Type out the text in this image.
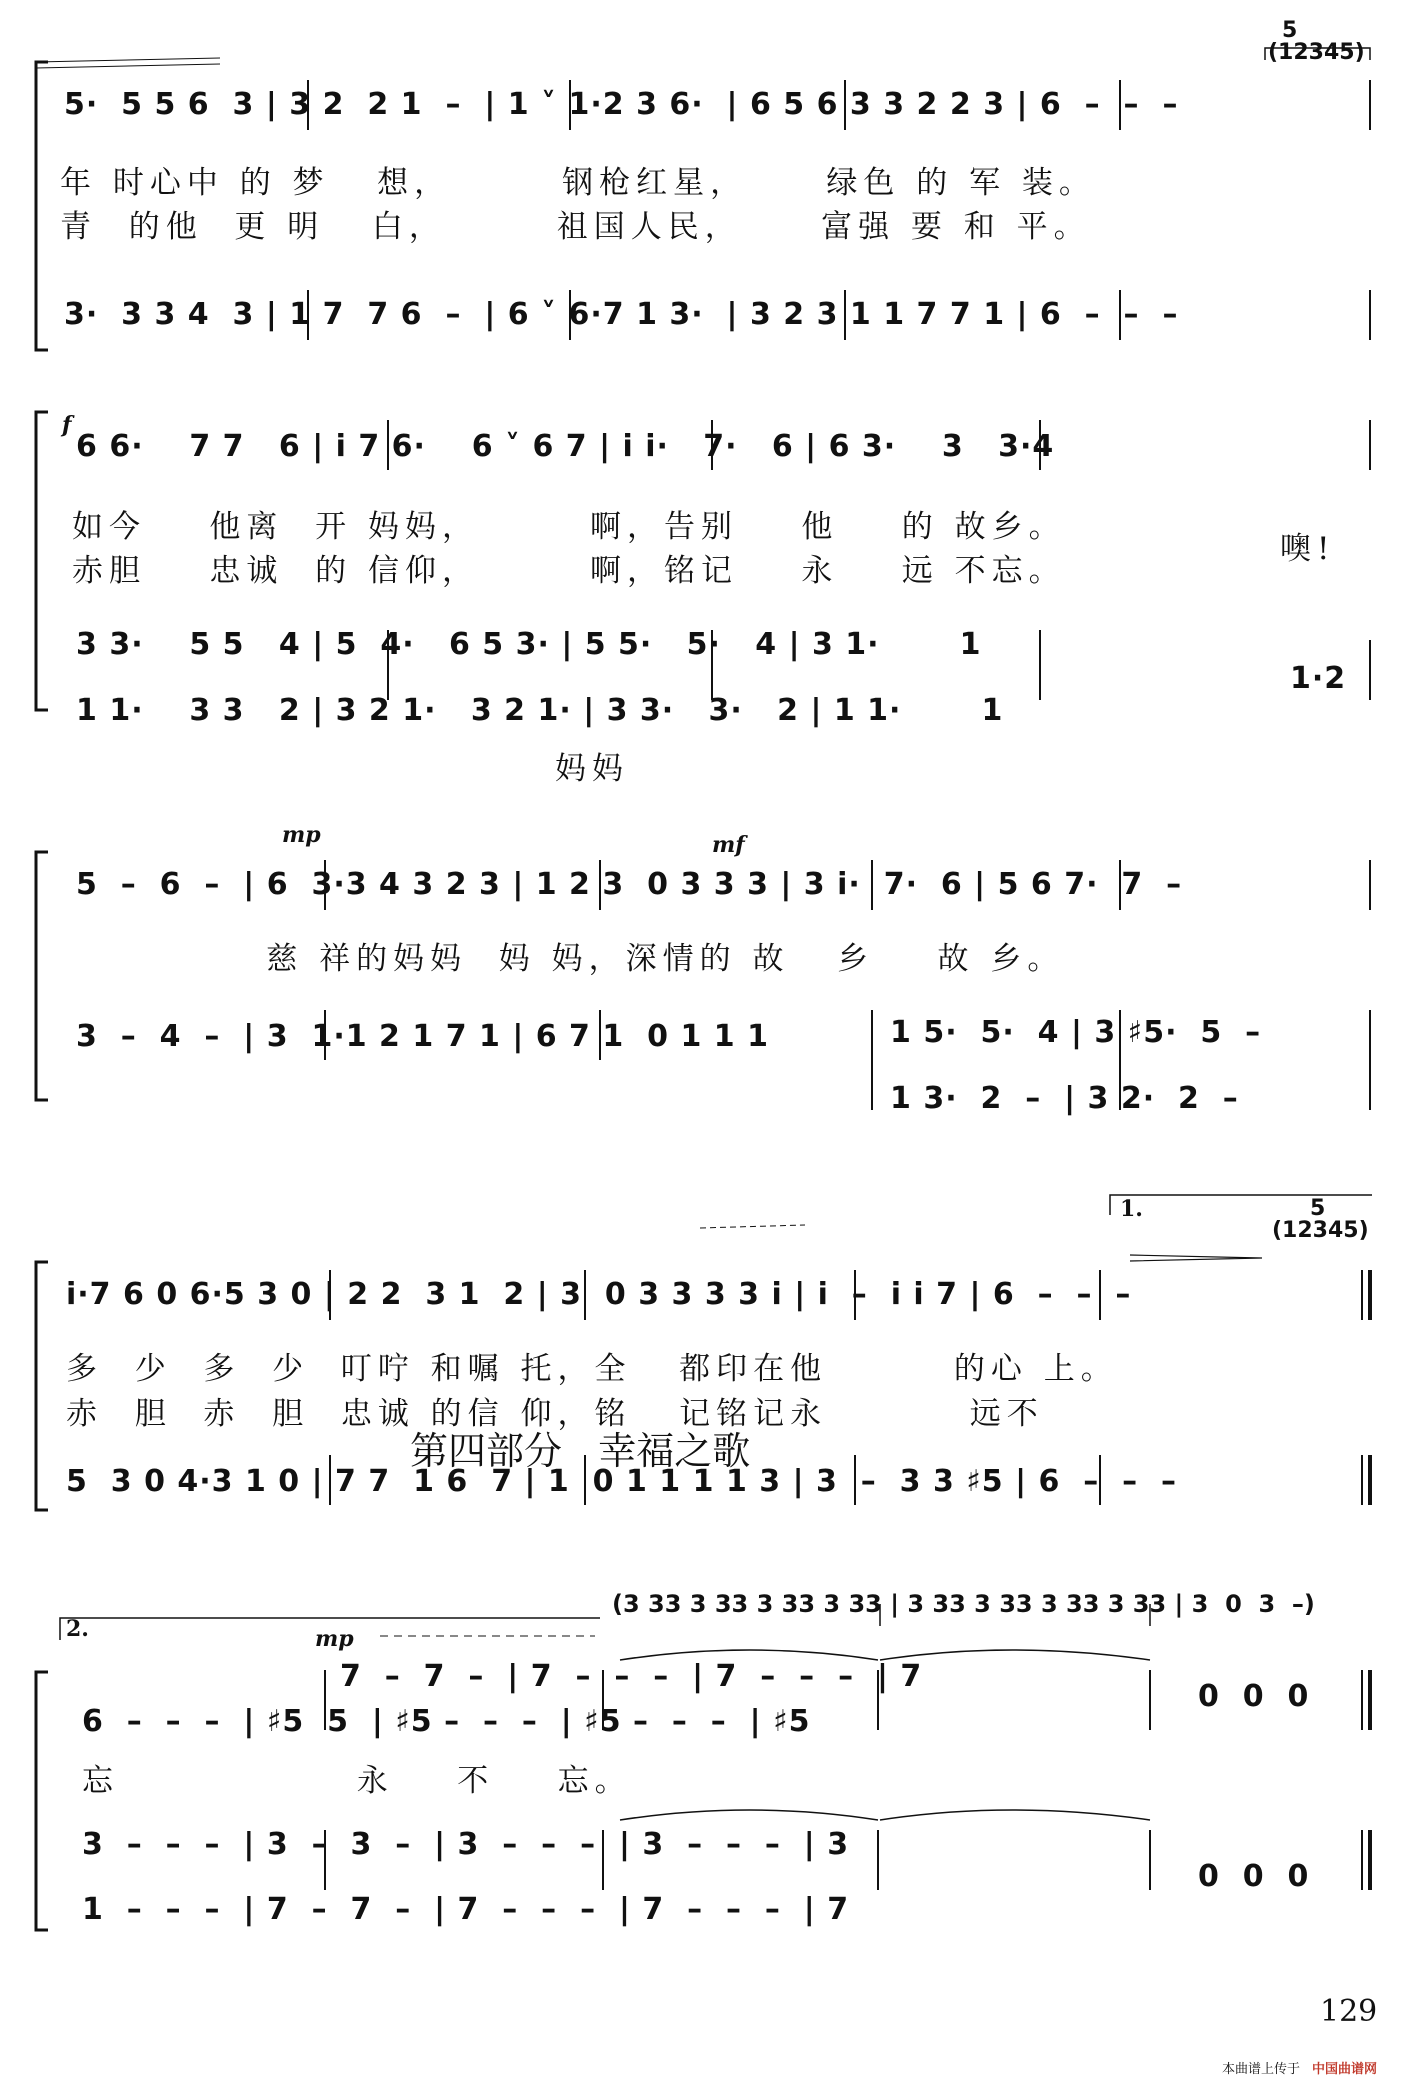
5
(12345)
5·  5 5 6  3 | 3 2  2 1  –  | 1 ˅ 1·2 3 6·  | 6 5 6 3 3 2 2 3 | 6  –  –  –
年 时心中 的 梦   想，       钢枪红星，     绿色 的 军 装。
青  的他  更 明   白，       祖国人民，     富强 要 和 平。
3·  3 3 4  3 | 1 7  7 6  –  | 6 ˅ 6·7 1 3·  | 3 2 3 1 1 7 7 1 | 6  –  –  –
f
6 6·    7 7   6 | i 7 6·    6 ˅ 6 7 | i i·   7·   6 | 6 3·    3   3·4
如今    他离  开 妈妈，       啊，告别    他    的 故乡。
赤胆    忠诚  的 信仰，       啊，铭记    永    远 不忘。
噢!
3 3·    5 5   4 | 5  4·   6 5 3· | 5 5·   5·   4 | 3 1·       1
1 1·    3 3   2 | 3 2 1·   3 2 1· | 3 3·   3·   2 | 1 1·       1
1·2
妈妈
mp	mf
5  –  6  –  | 6  3·3 4 3 2 3 | 1 2 3  0 3 3 3 | 3 i·  7·  6 | 5 6 7·  7  –
慈 祥的妈妈  妈 妈，深情的 故   乡    故 乡。
3  –  4  –  | 3  1·1 2 1 7 1 | 6 7 1  0 1 1 1	1 5·  5·  4 | 3 ♯5·  5  –
1 3·  2  –  | 3 2·  2  –
1.	5
(12345)
i·7 6 0 6·5 3 0 | 2 2  3 1  2 | 3  0 3 3 3 3 i | i  –  i i 7 | 6  –  –  –
多  少  多  少  叮咛 和嘱 托，全   都印在他        的心 上。
赤  胆  赤  胆  忠诚 的信 仰，铭   记铭记永         远不
第四部分   幸福之歌
5  3 0 4·3 1 0 | 7 7  1 6  7 | 1  0 1 1 1 1 3 | 3  –  3 3 ♯5 | 6  –  –  –
2.	mp
(3 33 3 33 3 33 3 33 | 3 33 3 33 3 33 3 33 | 3  0  3  –)
7  –  7  –  | 7  –  –  –  | 7  –  –  –  | 7
6  –  –  –  | ♯5  5  | ♯5 –  –  –  | ♯5 –  –  –  | ♯5
0  0  0
忘               永    不    忘。
3  –  –  –  | 3  –  3  –  | 3  –  –  –  | 3  –  –  –  | 3
1  –  –  –  | 7  –  7  –  | 7  –  –  –  | 7  –  –  –  | 7
0  0  0
129
本曲谱上传于 中国曲谱网
